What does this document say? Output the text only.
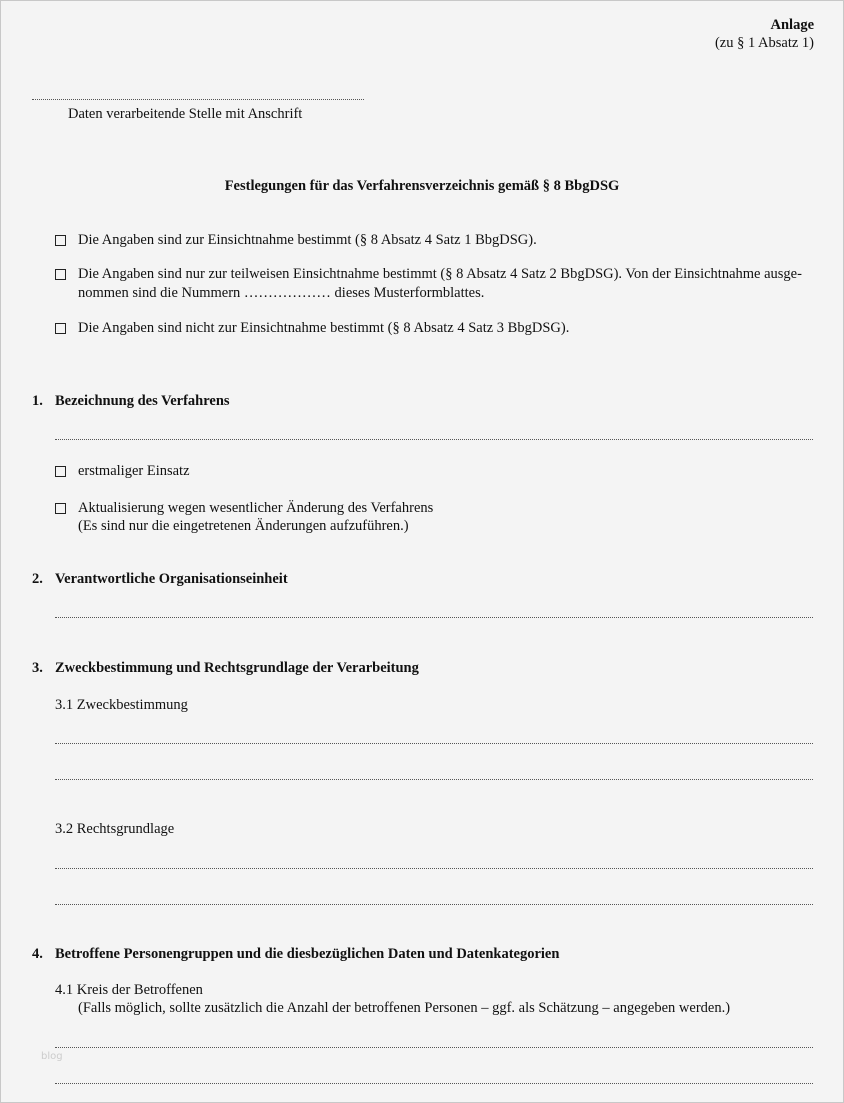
Anlage
(zu § 1 Absatz 1)
Daten verarbeitende Stelle mit Anschrift
Festlegungen für das Verfahrensverzeichnis gemäß § 8 BbgDSG
Die Angaben sind zur Einsichtnahme bestimmt (§ 8 Absatz 4 Satz 1 BbgDSG).
Die Angaben sind nur zur teilweisen Einsichtnahme bestimmt (§ 8 Absatz 4 Satz 2 BbgDSG). Von der Einsichtnahme ausge-
nommen sind die Nummern ……………… dieses Musterformblattes.
Die Angaben sind nicht zur Einsichtnahme bestimmt (§ 8 Absatz 4 Satz 3 BbgDSG).
1. Bezeichnung des Verfahrens
erstmaliger Einsatz
Aktualisierung wegen wesentlicher Änderung des Verfahrens
(Es sind nur die eingetretenen Änderungen aufzuführen.)
2. Verantwortliche Organisationseinheit
3. Zweckbestimmung und Rechtsgrundlage der Verarbeitung
3.1 Zweckbestimmung
3.2 Rechtsgrundlage
4. Betroffene Personengruppen und die diesbezüglichen Daten und Datenkategorien
4.1 Kreis der Betroffenen
(Falls möglich, sollte zusätzlich die Anzahl der betroffenen Personen – ggf. als Schätzung – angegeben werden.)
blog
